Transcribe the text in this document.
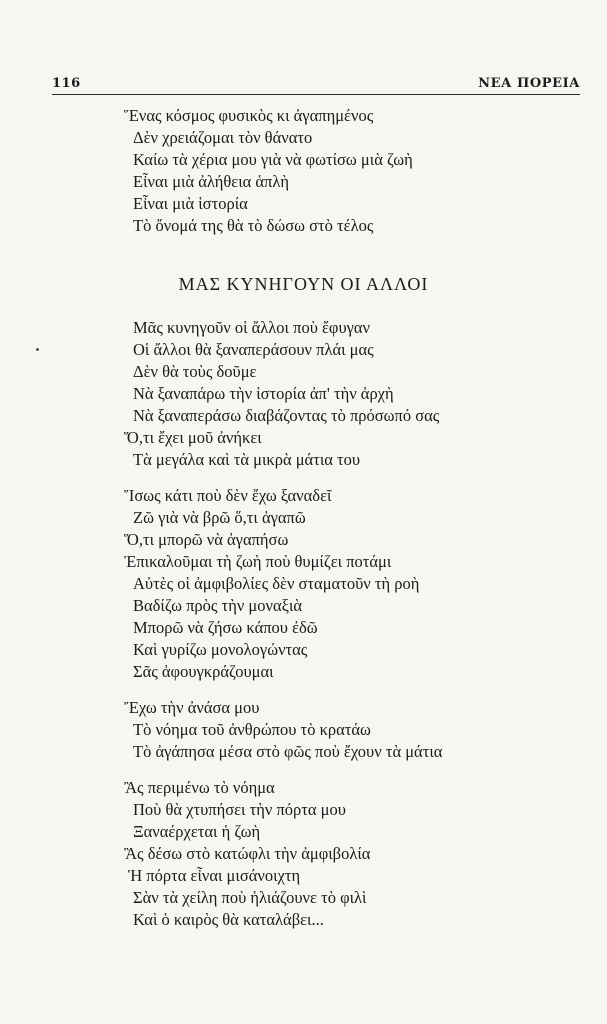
116	ΝΕΑ ΠΟΡΕΙΑ
Ἕνας κόσμος φυσικὸς κι ἀγαπημένος
Δὲν χρειάζομαι τὸν θάνατο
Καίω τὰ χέρια μου γιὰ νὰ φωτίσω μιὰ ζωὴ
Εἶναι μιὰ ἀλήθεια ἁπλὴ
Εἶναι μιὰ ἱστορία
Τὸ ὄνομά της θὰ τὸ δώσω στὸ τέλος
ΜΑΣ ΚΥΝΗΓΟΥΝ ΟΙ ΑΛΛΟΙ
Μᾶς κυνηγοῦν οἱ ἄλλοι ποὺ ἔφυγαν
Οἱ ἄλλοι θὰ ξαναπεράσουν πλάι μας
Δὲν θὰ τοὺς δοῦμε
Νὰ ξαναπάρω τὴν ἱστορία ἀπ' τὴν ἀρχὴ
Νὰ ξαναπεράσω διαβάζοντας τὸ πρόσωπό σας
Ὅ,τι ἔχει μοῦ ἀνήκει
Τὰ μεγάλα καὶ τὰ μικρὰ μάτια του
Ἴσως κάτι ποὺ δὲν ἔχω ξαναδεῖ
Ζῶ γιὰ νὰ βρῶ ὅ,τι ἀγαπῶ
Ὅ,τι μπορῶ νὰ ἀγαπήσω
Ἐπικαλοῦμαι τὴ ζωὴ ποὺ θυμίζει ποτάμι
Αὐτὲς οἱ ἀμφιβολίες δὲν σταματοῦν τὴ ροὴ
Βαδίζω πρὸς τὴν μοναξιὰ
Μπορῶ νὰ ζήσω κάπου ἐδῶ
Καὶ γυρίζω μονολογώντας
Σᾶς ἀφουγκράζουμαι
Ἔχω τὴν ἀνάσα μου
Τὸ νόημα τοῦ ἀνθρώπου τὸ κρατάω
Τὸ ἀγάπησα μέσα στὸ φῶς ποὺ ἔχουν τὰ μάτια
Ἂς περιμένω τὸ νόημα
Ποὺ θὰ χτυπήσει τὴν πόρτα μου
Ξαναέρχεται ἡ ζωὴ
Ἂς δέσω στὸ κατώφλι τὴν ἀμφιβολία
Ἡ πόρτα εἶναι μισάνοιχτη
Σὰν τὰ χείλη ποὺ ἡλιάζουνε τὸ φιλὶ
Καὶ ὁ καιρὸς θὰ καταλάβει...
